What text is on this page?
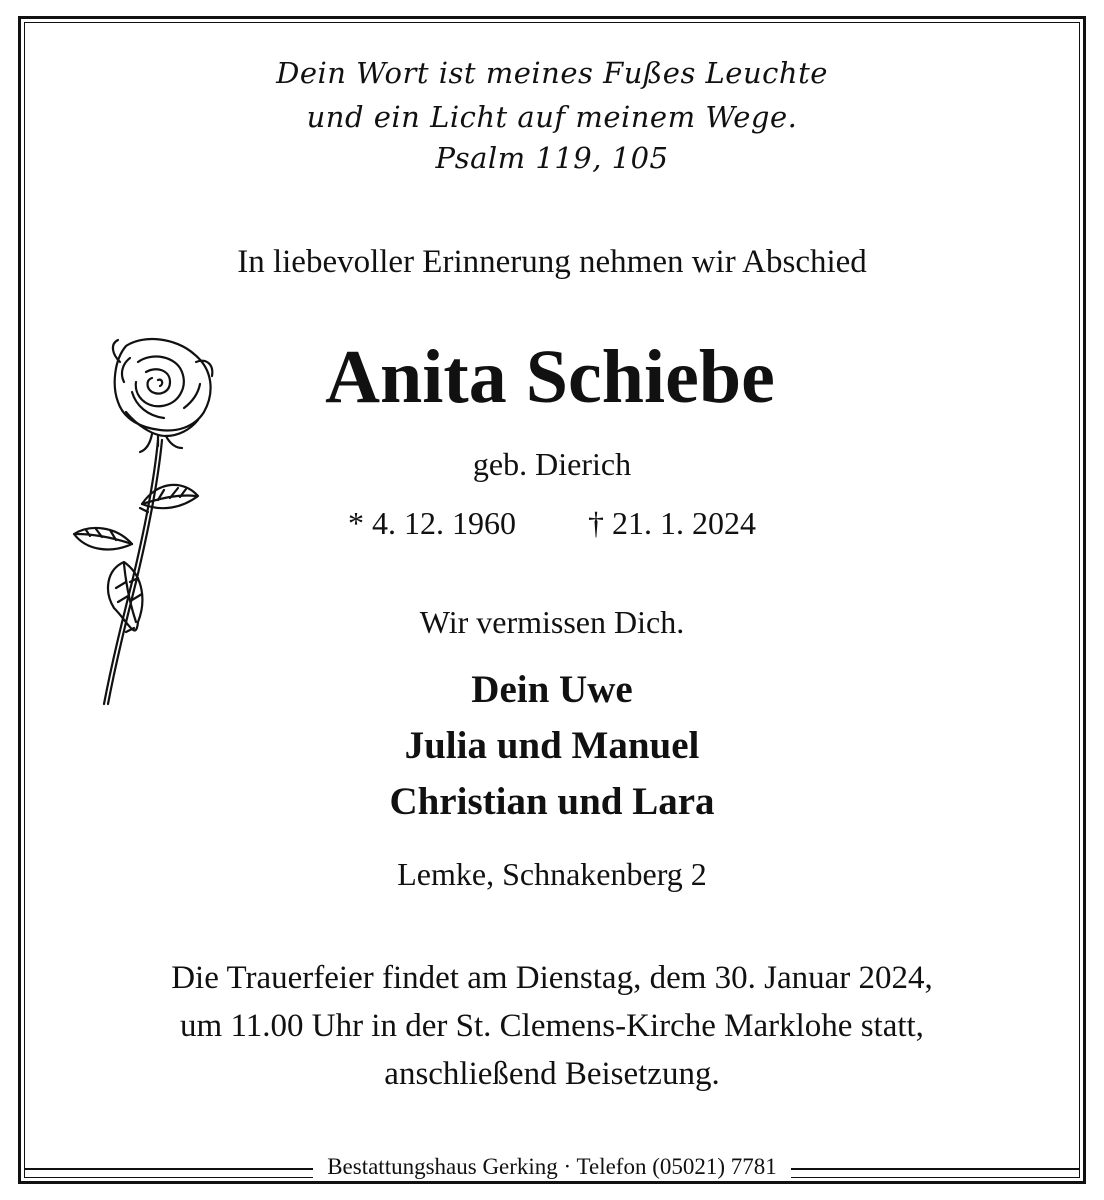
Dein Wort ist meines Fußes Leuchte
und ein Licht auf meinem Wege.
Psalm 119, 105
In liebevoller Erinnerung nehmen wir Abschied
Anita Schiebe
geb. Dierich
* 4. 12. 1960 † 21. 1. 2024
Wir vermissen Dich.
Dein Uwe
Julia und Manuel
Christian und Lara
Lemke, Schnakenberg 2
Die Trauerfeier findet am Dienstag, dem 30. Januar 2024,
um 11.00 Uhr in der St. Clemens-Kirche Marklohe statt,
anschließend Beisetzung.
Bestattungshaus Gerking · Telefon (05021) 7781
